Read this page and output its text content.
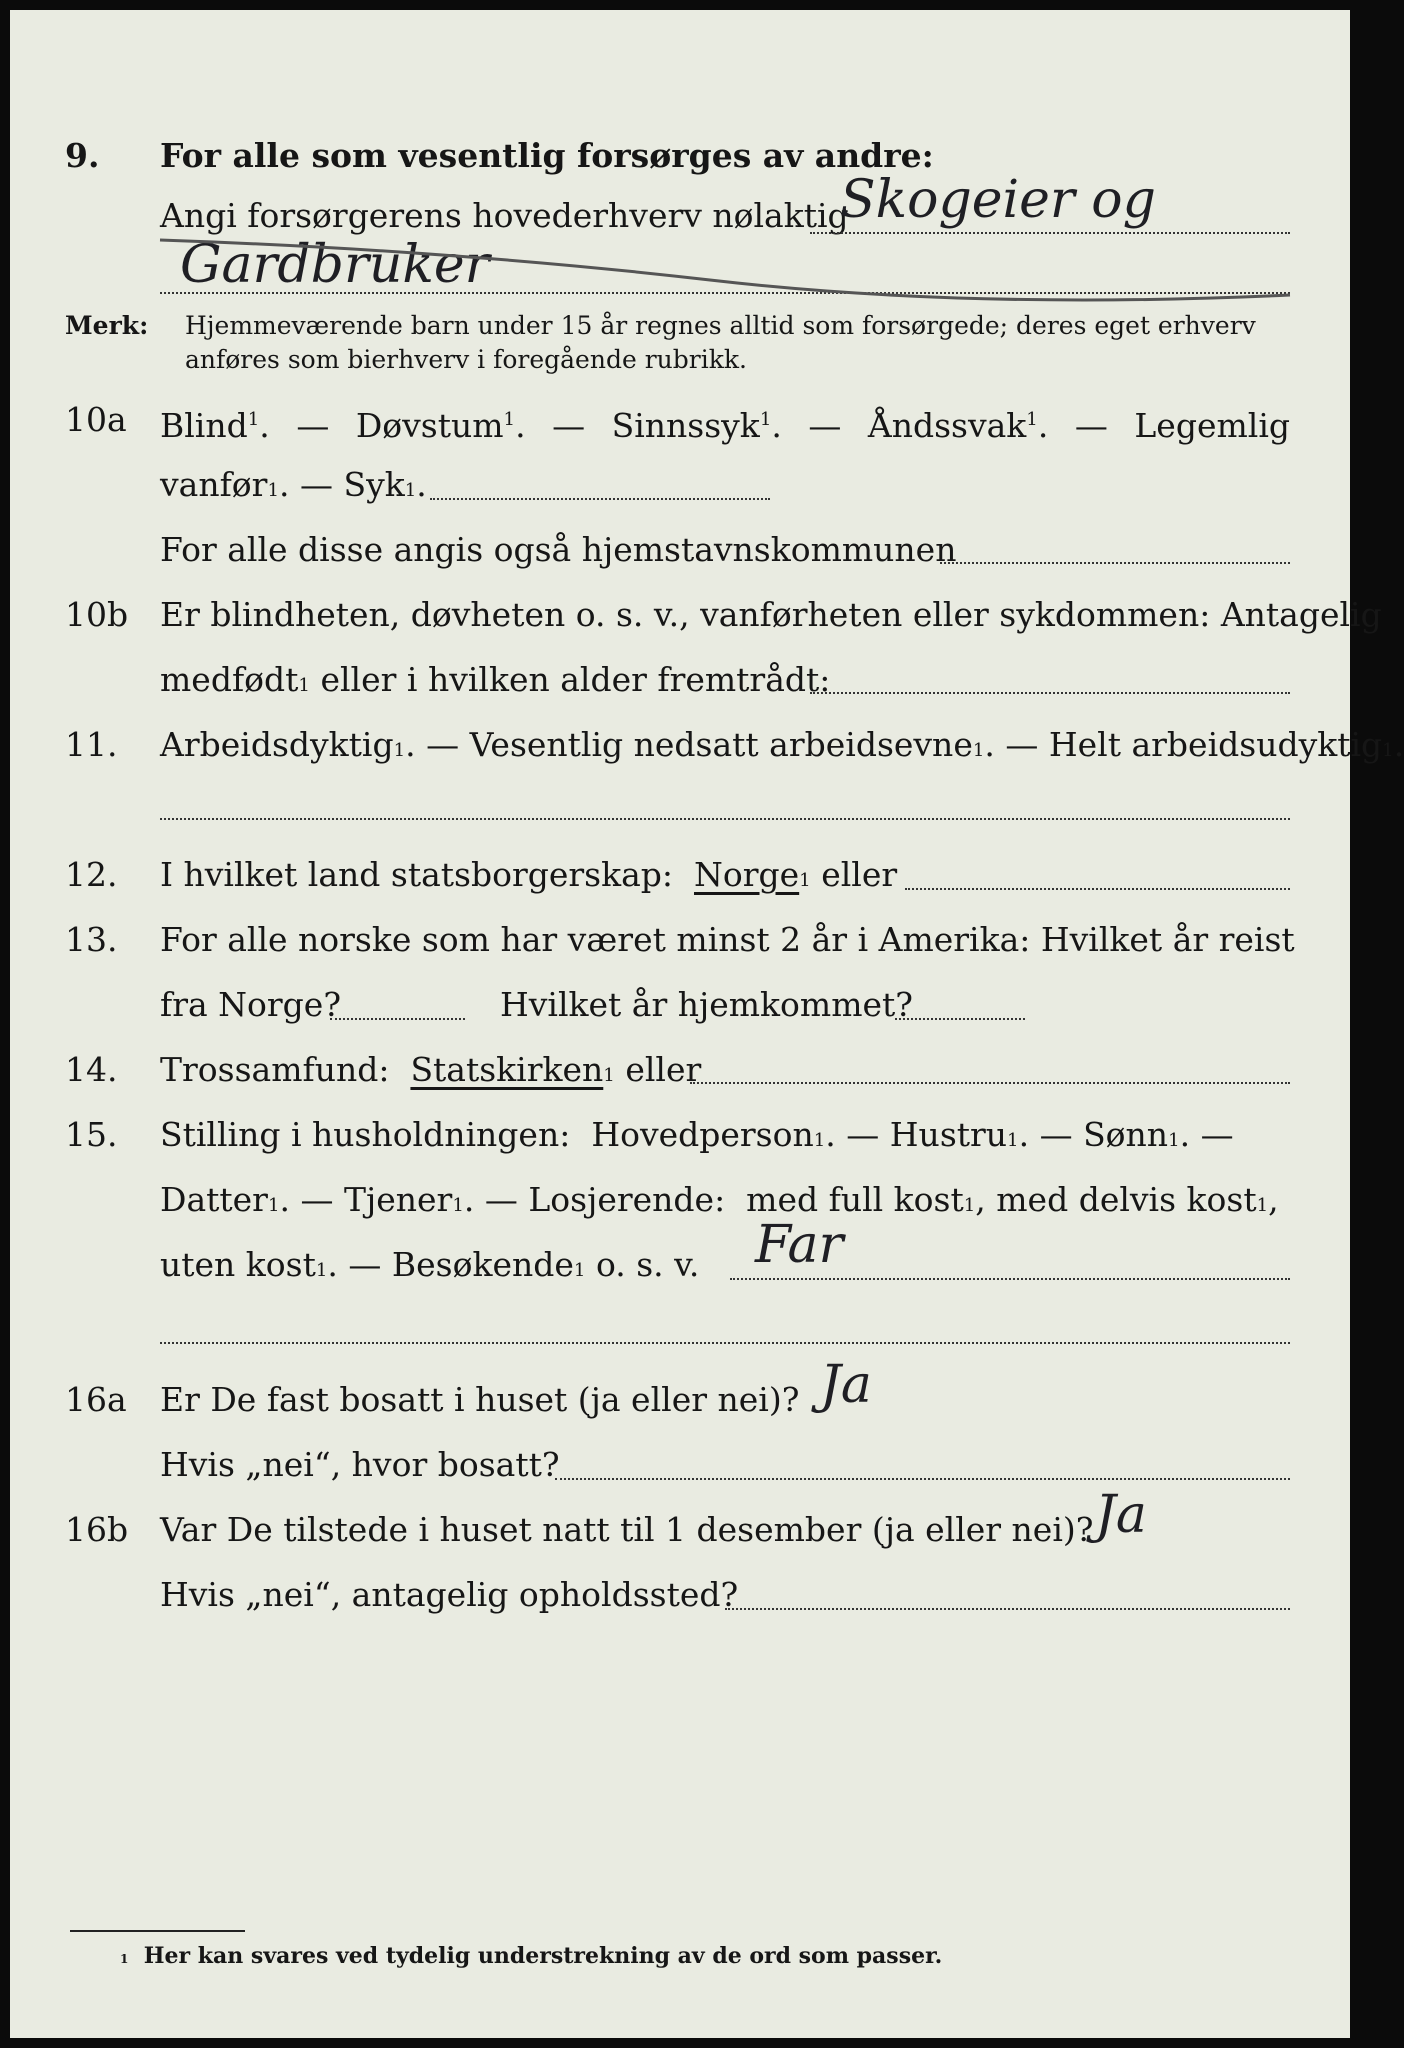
9. For alle som vesentlig forsørges av andre:
Angi forsørgerens hovederhverv nølaktig
Skogeier og
Gardbruker
Merk: Hjemmeværende barn under 15 år regnes alltid som forsørgede; deres eget erhverv
anføres som bierhverv i foregående rubrikk.
10a Blind$^1$. — Døvstum$^1$. — Sinnssyk$^1$. — Åndssvak$^1$. — Legemlig
vanfør 1 . —
Syk 1 .
For alle disse angis også hjemstavnskommunen
10b Er blindheten, døvheten o. s. v., vanførheten eller sykdommen: Antagelig
medfødt 1
eller i hvilken alder fremtrådt:
11. Arbeidsdyktig 1 . —
Vesentlig nedsatt arbeidsevne 1 . —
Helt arbeidsudyktig 1 .
12. I hvilket land statsborgerskap:
Norge 1
eller
13. For alle norske som har været minst 2 år i Amerika: Hvilket år reist
fra Norge?	Hvilket år hjemkommet?
14. Trossamfund:
Statskirken 1
eller
15. Stilling i husholdningen:
Hovedperson 1 . —
Hustru 1 . —
Sønn 1 . —
Datter 1 . —
Tjener 1 . —
Losjerende:
med full kost 1 , med delvis kost 1 ,
uten kost 1 . —
Besøkende 1
o. s. v. Far
16a Er De fast bosatt i huset (ja eller nei)? Ja
Hvis „nei“, hvor bosatt?
16b Var De tilstede i huset natt til 1 desember (ja eller nei)? Ja
Hvis „nei“, antagelig opholdssted?
1
Her kan svares ved tydelig understrekning av de ord som passer.
